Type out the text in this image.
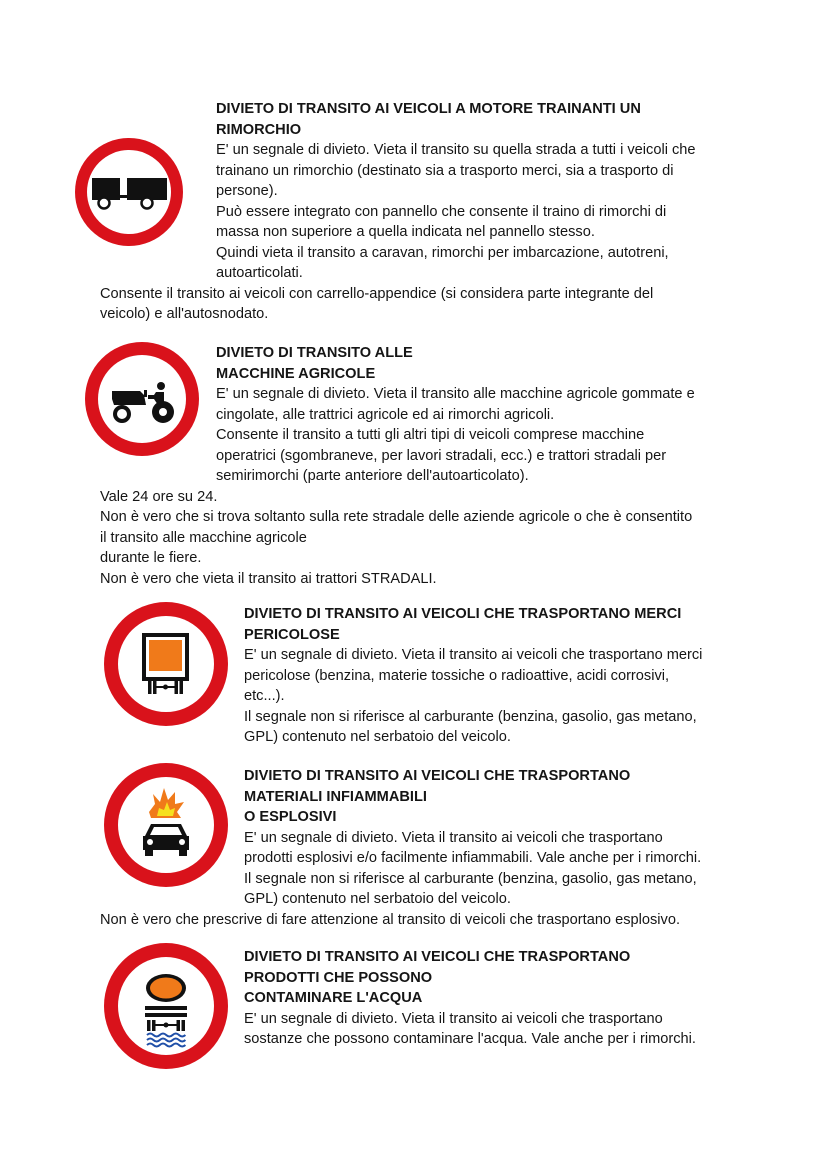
DIVIETO DI TRANSITO AI VEICOLI A MOTORE TRAINANTI UN
RIMORCHIO
E' un segnale di divieto. Vieta il transito su quella strada a tutti i veicoli che
trainano un rimorchio (destinato sia a trasporto merci, sia a trasporto di
persone).
Può essere integrato con pannello che consente il traino di rimorchi di
massa non superiore a quella indicata nel pannello stesso.
Quindi vieta il transito a caravan, rimorchi per imbarcazione, autotreni,
autoarticolati.
Consente il transito ai veicoli con carrello-appendice (si considera parte integrante del
veicolo) e all'autosnodato.
DIVIETO DI TRANSITO ALLE
MACCHINE AGRICOLE
E' un segnale di divieto. Vieta il transito alle macchine agricole gommate e
cingolate, alle trattrici agricole ed ai rimorchi agricoli.
Consente il transito a tutti gli altri tipi di veicoli comprese macchine
operatrici (sgombraneve, per lavori stradali, ecc.) e trattori stradali per
semirimorchi (parte anteriore dell'autoarticolato).
Vale 24 ore su 24.
Non è vero che si trova soltanto sulla rete stradale delle aziende agricole o che è consentito
il transito alle macchine agricole
durante le fiere.
Non è vero che vieta il transito ai trattori STRADALI.
DIVIETO DI TRANSITO AI VEICOLI CHE TRASPORTANO MERCI
PERICOLOSE
E' un segnale di divieto. Vieta il transito ai veicoli che trasportano merci
pericolose (benzina, materie tossiche o radioattive, acidi corrosivi,
etc...).
Il segnale non si riferisce al carburante (benzina, gasolio, gas metano,
GPL) contenuto nel serbatoio del veicolo.
DIVIETO DI TRANSITO AI VEICOLI CHE TRASPORTANO
MATERIALI INFIAMMABILI
O ESPLOSIVI
E' un segnale di divieto. Vieta il transito ai veicoli che trasportano
prodotti esplosivi e/o facilmente infiammabili. Vale anche per i rimorchi.
Il segnale non si riferisce al carburante (benzina, gasolio, gas metano,
GPL) contenuto nel serbatoio del veicolo.
Non è vero che prescrive di fare attenzione al transito di veicoli che trasportano esplosivo.
DIVIETO DI TRANSITO AI VEICOLI CHE TRASPORTANO
PRODOTTI CHE POSSONO
CONTAMINARE L'ACQUA
E' un segnale di divieto. Vieta il transito ai veicoli che trasportano
sostanze che possono contaminare l'acqua. Vale anche per i rimorchi.
